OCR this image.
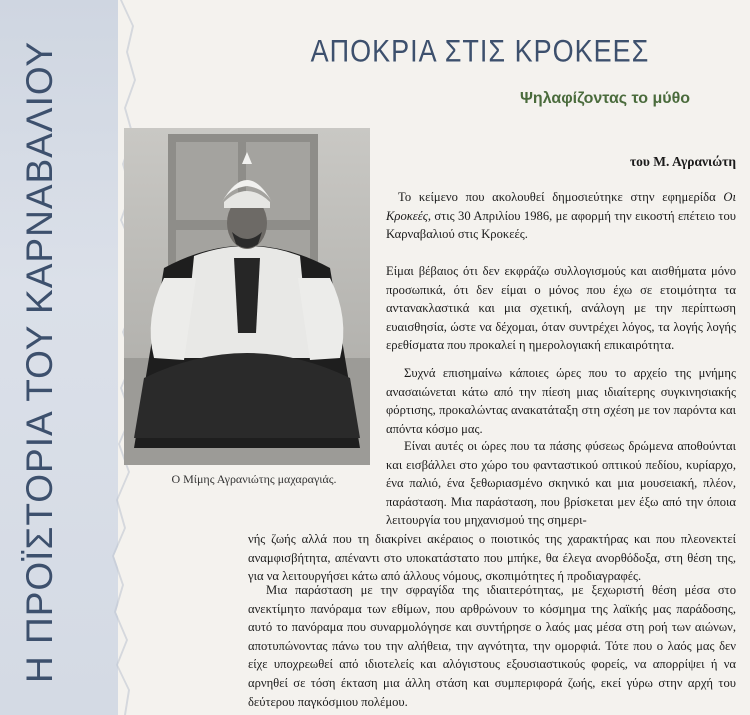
Η ΠΡΟΪΣΤΟΡΙΑ ΤΟΥ ΚΑΡΝΑΒΑΛΙΟΥ	ΑΠΟΚΡΙΑ ΣΤΙΣ ΚΡΟΚΕΕΣ
Ψηλαφίζοντας το μύθο
Ο Μίμης Αγρανιώτης μαχαραγιάς.
του Μ. Αγρανιώτη
Το κείμενο που ακολουθεί δημοσιεύτηκε στην εφημερίδα Οι Κροκεές, στις 30 Απριλίου 1986, με αφορμή την εικοστή επέτειο του Καρναβαλιού στις Κροκεές.
Είμαι βέβαιος ότι δεν εκφράζω συλλογισμούς και αισθήματα μόνο προσωπικά, ότι δεν είμαι ο μόνος που έχω σε ετοιμότητα τα αντανακλαστικά και μια σχετική, ανάλογη με την περίπτωση ευαισθησία, ώστε να δέχομαι, όταν συντρέχει λόγος, τα λογής λογής ερεθίσματα που προκαλεί η ημερολογιακή επικαιρότητα.
Συχνά επισημαίνω κάποιες ώρες που το αρχείο της μνήμης ανασαιώνεται κάτω από την πίεση μιας ιδιαίτερης συγκινησιακής φόρτισης, προκαλώντας ανακατάταξη στη σχέση με τον παρόντα και απόντα κόσμο μας.
Είναι αυτές οι ώρες που τα πάσης φύσεως δρώμενα αποθούνται και εισβάλλει στο χώρο του φανταστικού οπτικού πεδίου, κυρίαρχο, ένα παλιό, ένα ξεθωριασμένο σκηνικό και μια μουσειακή, πλέον, παράσταση. Μια παράσταση, που βρίσκεται μεν έξω από την όποια λειτουργία του μηχανισμού της σημερι-
νής ζωής αλλά που τη διακρίνει ακέραιος ο ποιοτικός της χαρακτήρας και που πλεονεκτεί αναμφισβήτητα, απέναντι στο υποκατάστατο που μπήκε, θα έλεγα ανορθόδοξα, στη θέση της, για να λειτουργήσει κάτω από άλλους νόμους, σκοπιμότητες ή προδιαγραφές.
Μια παράσταση με την σφραγίδα της ιδιαιτερότητας, με ξεχωριστή θέση μέσα στο ανεκτίμητο πανόραμα των εθίμων, που αρθρώνουν το κόσμημα της λαϊκής μας παράδοσης, αυτό το πανόραμα που συναρμολόγησε και συντήρησε ο λαός μας μέσα στη ροή των αιώνων, αποτυπώνοντας πάνω του την αλήθεια, την αγνότητα, την ομορφιά. Τότε που ο λαός μας δεν είχε υποχρεωθεί από ιδιοτελείς και αλόγιστους εξουσιαστικούς φορείς, να απορρίψει ή να αρνηθεί σε τόση έκταση μια άλλη στάση και συμπεριφορά ζωής, εκεί γύρω στην αρχή του δεύτερου παγκόσμιου πολέμου.
